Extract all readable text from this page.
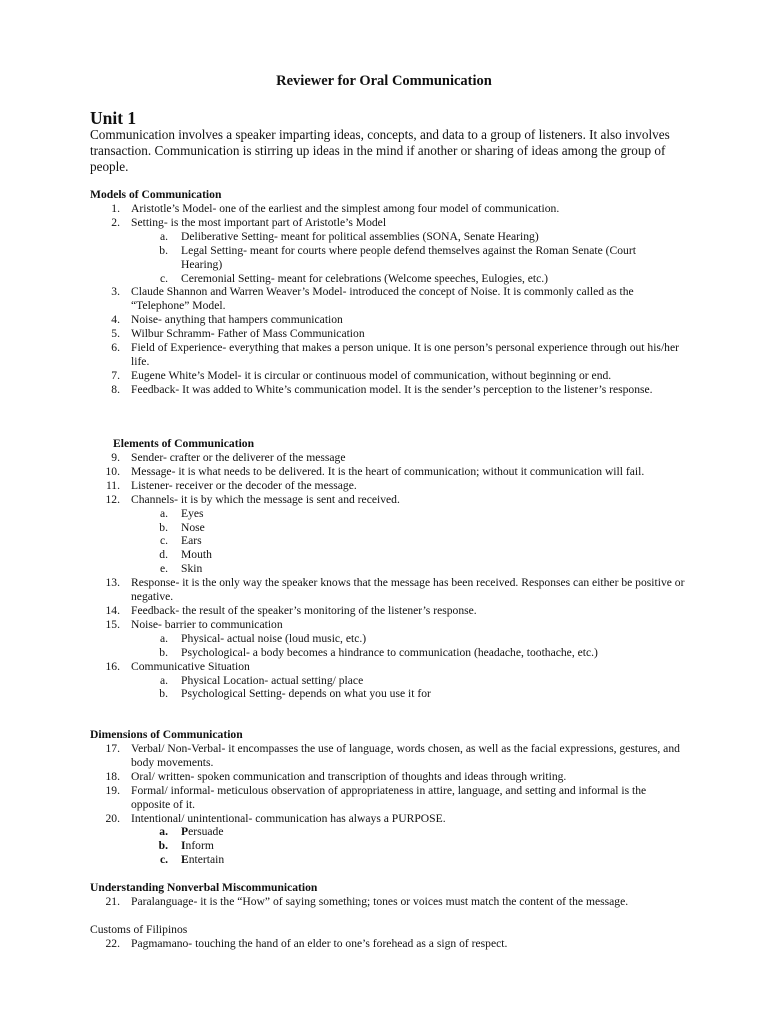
Reviewer for Oral Communication
Unit 1

Communication involves a speaker imparting ideas, concepts, and data to a group of listeners. It also involves transaction. Communication is stirring up ideas in the mind if another or sharing of ideas among the group of people.

Models of Communication

1. Aristotle’s Model- one of the earliest and the simplest among four model of communication.
2. Setting- is the most important part of Aristotle’s Model
a. Deliberative Setting- meant for political assemblies (SONA, Senate Hearing)
b. Legal Setting- meant for courts where people defend themselves against the Roman Senate (Court Hearing)
c. Ceremonial Setting- meant for celebrations (Welcome speeches, Eulogies, etc.)
3. Claude Shannon and Warren Weaver’s Model- introduced the concept of Noise. It is commonly called as the “Telephone” Model.
4. Noise- anything that hampers communication
5. Wilbur Schramm- Father of Mass Communication
6. Field of Experience- everything that makes a person unique. It is one person’s personal experience through out his/her life.
7. Eugene White’s Model- it is circular or continuous model of communication, without beginning or end.
8. Feedback- It was added to White’s communication model. It is the sender’s perception to the listener’s response.

Elements of Communication

9. Sender- crafter or the deliverer of the message
10. Message- it is what needs to be delivered. It is the heart of communication; without it communication will fail.
11. Listener- receiver or the decoder of the message.
12. Channels- it is by which the message is sent and received.
a. Eyes
b. Nose
c. Ears
d. Mouth
e. Skin
13. Response- it is the only way the speaker knows that the message has been received. Responses can either be positive or negative.
14. Feedback- the result of the speaker’s monitoring of the listener’s response.
15. Noise- barrier to communication
a. Physical- actual noise (loud music, etc.)
b. Psychological- a body becomes a hindrance to communication (headache, toothache, etc.)
16. Communicative Situation
a. Physical Location- actual setting/ place
b. Psychological Setting- depends on what you use it for

Dimensions of Communication

17. Verbal/ Non-Verbal- it encompasses the use of language, words chosen, as well as the facial expressions, gestures, and body movements.
18. Oral/ written- spoken communication and transcription of thoughts and ideas through writing.
19. Formal/ informal- meticulous observation of appropriateness in attire, language, and setting and informal is the opposite of it.
20. Intentional/ unintentional- communication has always a PURPOSE.
a. Persuade
b. Inform
c. Entertain

Understanding Nonverbal Miscommunication

21. Paralanguage- it is the “How” of saying something; tones or voices must match the content of the message.

Customs of Filipinos

22. Pagmamano- touching the hand of an elder to one’s forehead as a sign of respect.
